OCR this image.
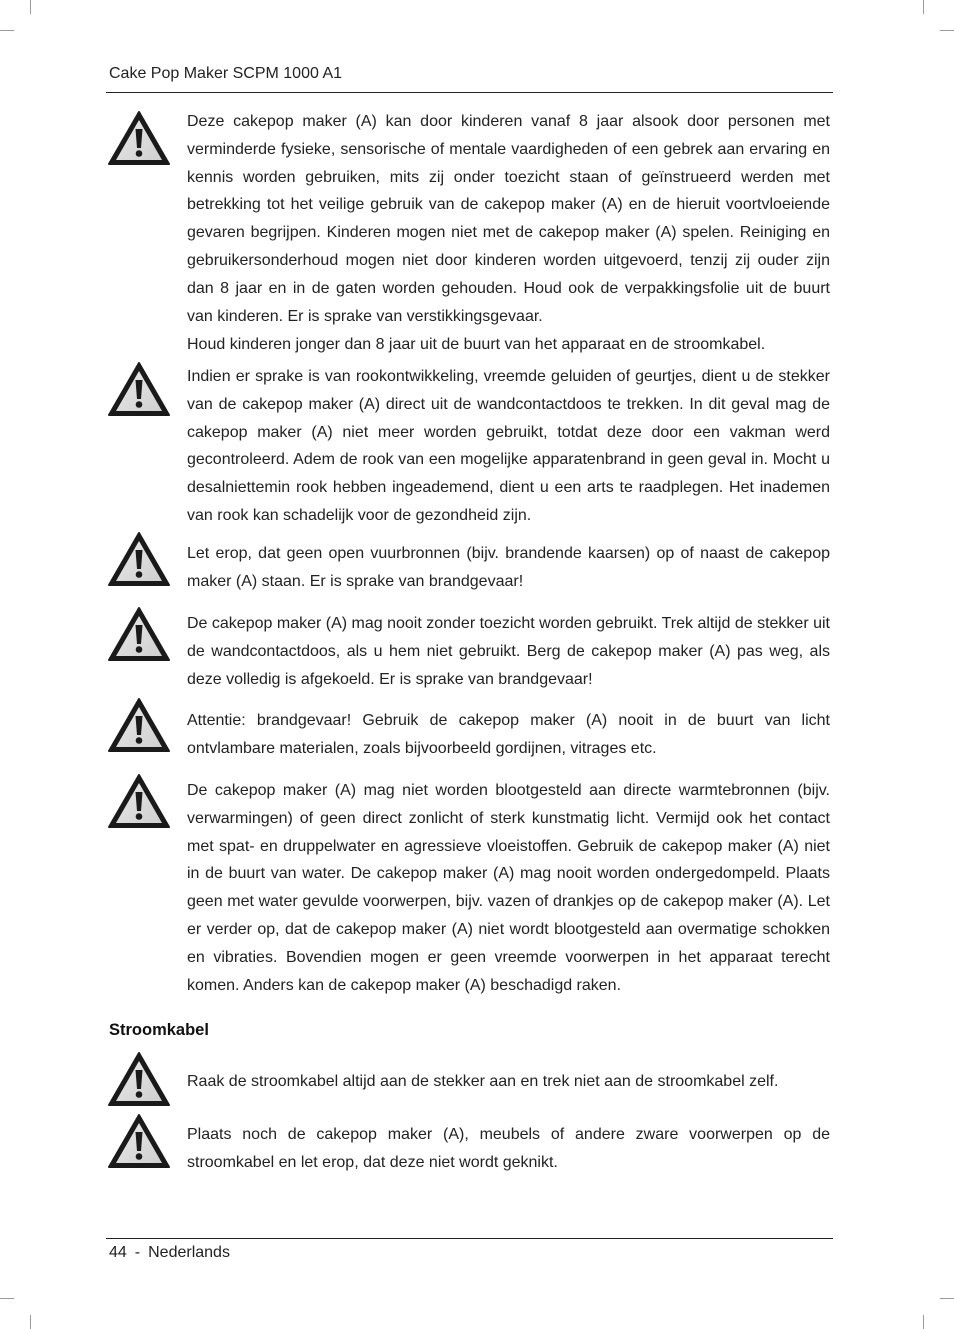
Cake Pop Maker SCPM 1000 A1

Deze cakepop maker (A) kan door kinderen vanaf 8 jaar alsook door personen met verminderde fysieke, sensorische of mentale vaardigheden of een gebrek aan ervaring en kennis worden gebruiken, mits zij onder toezicht staan of geïnstrueerd werden met betrekking tot het veilige gebruik van de cakepop maker (A) en de hieruit voortvloeiende gevaren begrijpen. Kinderen mogen niet met de cakepop maker (A) spelen. Reiniging en gebruikersonderhoud mogen niet door kinderen worden uitgevoerd, tenzij zij ouder zijn dan 8 jaar en in de gaten worden gehouden. Houd ook de verpakkingsfolie uit de buurt van kinderen. Er is sprake van verstikkingsgevaar.

Houd kinderen jonger dan 8 jaar uit de buurt van het apparaat en de stroomkabel.

Indien er sprake is van rookontwikkeling, vreemde geluiden of geurtjes, dient u de stekker van de cakepop maker (A) direct uit de wandcontactdoos te trekken. In dit geval mag de cakepop maker (A) niet meer worden gebruikt, totdat deze door een vakman werd gecontroleerd. Adem de rook van een mogelijke apparatenbrand in geen geval in. Mocht u desalniettemin rook hebben ingeademend, dient u een arts te raadplegen. Het inademen van rook kan schadelijk voor de gezondheid zijn.

Let erop, dat geen open vuurbronnen (bijv. brandende kaarsen) op of naast de cakepop maker (A) staan. Er is sprake van brandgevaar!

De cakepop maker (A) mag nooit zonder toezicht worden gebruikt. Trek altijd de stekker uit de wandcontactdoos, als u hem niet gebruikt. Berg de cakepop maker (A) pas weg, als deze volledig is afgekoeld. Er is sprake van brandgevaar!

Attentie: brandgevaar! Gebruik de cakepop maker (A) nooit in de buurt van licht ontvlambare materialen, zoals bijvoorbeeld gordijnen, vitrages etc.

De cakepop maker (A) mag niet worden blootgesteld aan directe warmtebronnen (bijv. verwarmingen) of geen direct zonlicht of sterk kunstmatig licht. Vermijd ook het contact met spat- en druppelwater en agressieve vloeistoffen. Gebruik de cakepop maker (A) niet in de buurt van water. De cakepop maker (A) mag nooit worden ondergedompeld. Plaats geen met water gevulde voorwerpen, bijv. vazen of drankjes op de cakepop maker (A). Let er verder op, dat de cakepop maker (A) niet wordt blootgesteld aan overmatige schokken en vibraties. Bovendien mogen er geen vreemde voorwerpen in het apparaat terecht komen. Anders kan de cakepop maker (A) beschadigd raken.

Stroomkabel

Raak de stroomkabel altijd aan de stekker aan en trek niet aan de stroomkabel zelf.

Plaats noch de cakepop maker (A), meubels of andere zware voorwerpen op de stroomkabel en let erop, dat deze niet wordt geknikt.

44 - Nederlands
